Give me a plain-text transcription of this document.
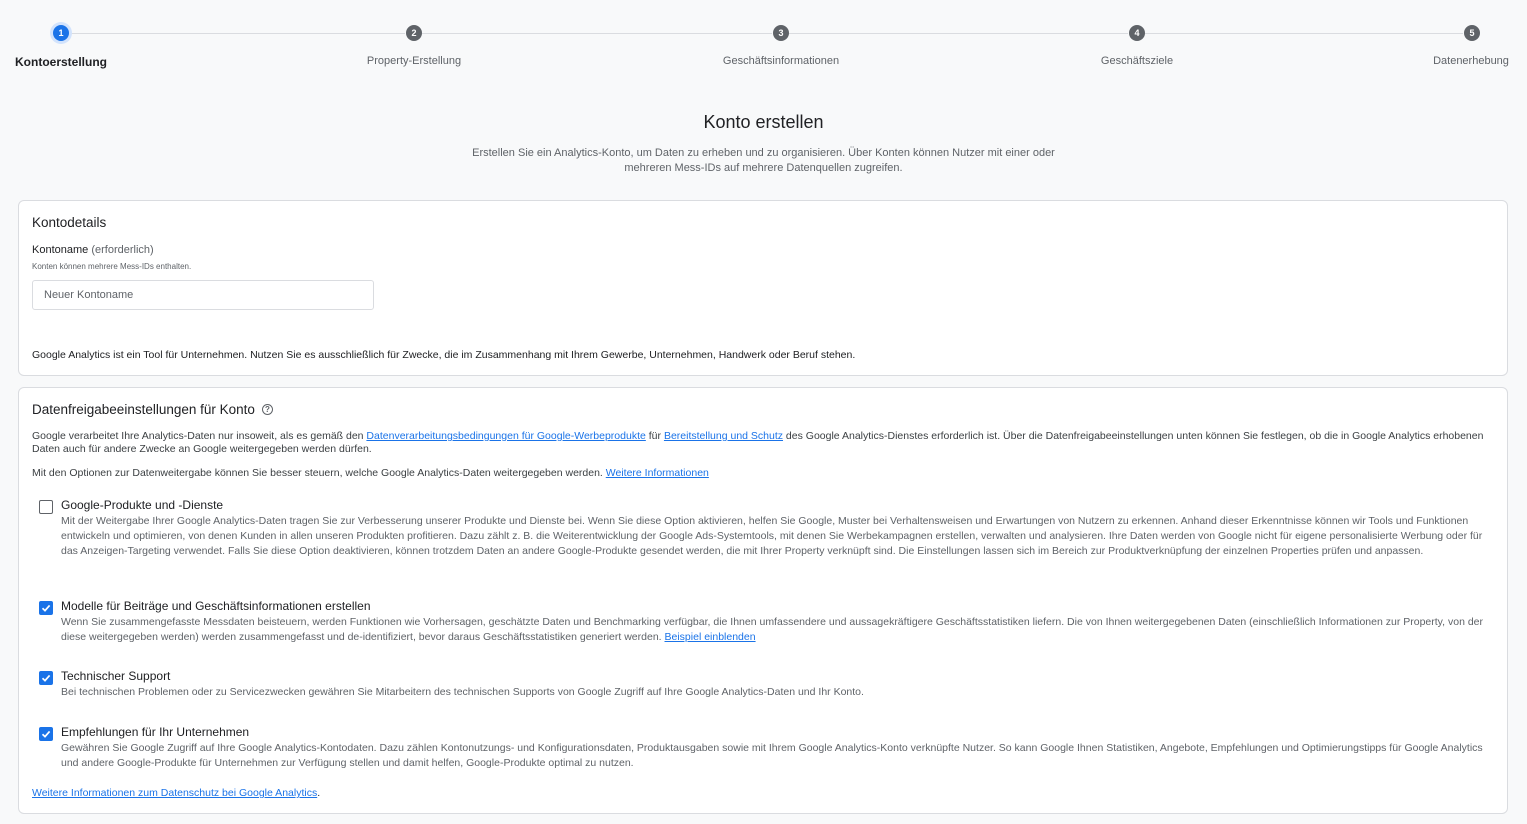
1	2	3	4	5
Kontoerstellung	Property-Erstellung	Geschäftsinformationen	Geschäftsziele	Datenerhebung
Konto erstellen
Erstellen Sie ein Analytics-Konto, um Daten zu erheben und zu organisieren. Über Konten können Nutzer mit einer oder mehreren Mess-IDs auf mehrere Datenquellen zugreifen.
Kontodetails
Kontoname (erforderlich)
Konten können mehrere Mess-IDs enthalten.
Neuer Kontoname
Google Analytics ist ein Tool für Unternehmen. Nutzen Sie es ausschließlich für Zwecke, die im Zusammenhang mit Ihrem Gewerbe, Unternehmen, Handwerk oder Beruf stehen.
Datenfreigabeeinstellungen für Konto	?
Google verarbeitet Ihre Analytics-Daten nur insoweit, als es gemäß den Datenverarbeitungsbedingungen für Google-Werbeprodukte für Bereitstellung und Schutz des Google Analytics-Dienstes erforderlich ist. Über die Datenfreigabeeinstellungen unten können Sie festlegen, ob die in Google Analytics erhobenen Daten auch für andere Zwecke an Google weitergegeben werden dürfen.
Mit den Optionen zur Datenweitergabe können Sie besser steuern, welche Google Analytics-Daten weitergegeben werden. Weitere Informationen
Google-Produkte und -Dienste
Mit der Weitergabe Ihrer Google Analytics-Daten tragen Sie zur Verbesserung unserer Produkte und Dienste bei. Wenn Sie diese Option aktivieren, helfen Sie Google, Muster bei Verhaltensweisen und Erwartungen von Nutzern zu erkennen. Anhand dieser Erkenntnisse können wir Tools und Funktionen entwickeln und optimieren, von denen Kunden in allen unseren Produkten profitieren. Dazu zählt z. B. die Weiterentwicklung der Google Ads-Systemtools, mit denen Sie Werbekampagnen erstellen, verwalten und analysieren. Ihre Daten werden von Google nicht für eigene personalisierte Werbung oder für das Anzeigen-Targeting verwendet. Falls Sie diese Option deaktivieren, können trotzdem Daten an andere Google-Produkte gesendet werden, die mit Ihrer Property verknüpft sind. Die Einstellungen lassen sich im Bereich zur Produktverknüpfung der einzelnen Properties prüfen und anpassen.
Modelle für Beiträge und Geschäftsinformationen erstellen
Wenn Sie zusammengefasste Messdaten beisteuern, werden Funktionen wie Vorhersagen, geschätzte Daten und Benchmarking verfügbar, die Ihnen umfassendere und aussagekräftigere Geschäftsstatistiken liefern. Die von Ihnen weitergegebenen Daten (einschließlich Informationen zur Property, von der diese weitergegeben werden) werden zusammengefasst und de-identifiziert, bevor daraus Geschäftsstatistiken generiert werden. Beispiel einblenden
Technischer Support
Bei technischen Problemen oder zu Servicezwecken gewähren Sie Mitarbeitern des technischen Supports von Google Zugriff auf Ihre Google Analytics-Daten und Ihr Konto.
Empfehlungen für Ihr Unternehmen
Gewähren Sie Google Zugriff auf Ihre Google Analytics-Kontodaten. Dazu zählen Kontonutzungs- und Konfigurationsdaten, Produktausgaben sowie mit Ihrem Google Analytics-Konto verknüpfte Nutzer. So kann Google Ihnen Statistiken, Angebote, Empfehlungen und Optimierungstipps für Google Analytics und andere Google-Produkte für Unternehmen zur Verfügung stellen und damit helfen, Google-Produkte optimal zu nutzen.
Weitere Informationen zum Datenschutz bei Google Analytics.
